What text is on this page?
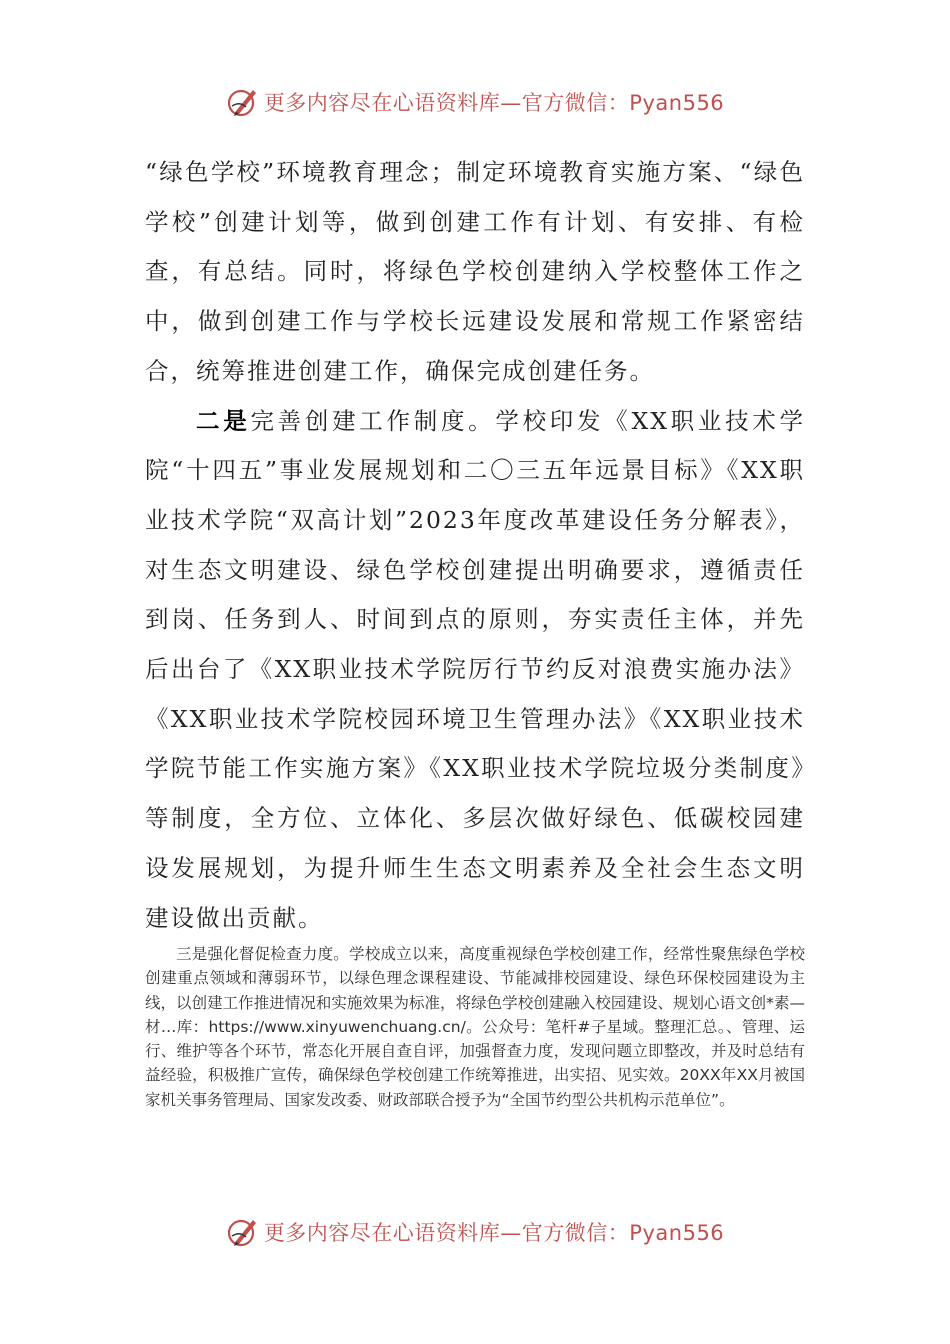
更多内容尽在心语资料库—官方微信：Pyan556

“绿色学校”环境教育理念；制定环境教育实施方案、“绿色学校”创建计划等，做到创建工作有计划、有安排、有检查，有总结。同时，将绿色学校创建纳入学校整体工作之中，做到创建工作与学校长远建设发展和常规工作紧密结合，统筹推进创建工作，确保完成创建任务。

二是完善创建工作制度。学校印发《XX职业技术学院“十四五”事业发展规划和二〇三五年远景目标》《XX职业技术学院“双高计划”2023年度改革建设任务分解表》，对生态文明建设、绿色学校创建提出明确要求，遵循责任到岗、任务到人、时间到点的原则，夯实责任主体，并先后出台了《XX职业技术学院厉行节约反对浪费实施办法》《XX职业技术学院校园环境卫生管理办法》《XX职业技术学院节能工作实施方案》《XX职业技术学院垃圾分类制度》等制度，全方位、立体化、多层次做好绿色、低碳校园建设发展规划，为提升师生生态文明素养及全社会生态文明建设做出贡献。

三是强化督促检查力度。学校成立以来，高度重视绿色学校创建工作，经常性聚焦绿色学校创建重点领域和薄弱环节，以绿色理念课程建设、节能减排校园建设、绿色环保校园建设为主线，以创建工作推进情况和实施效果为标准，将绿色学校创建融入校园建设、规划心语文创*素—材…库：https://www.xinyuwenchuang.cn/。公众号：笔杆#子星域。整理汇总。、管理、运行、维护等各个环节，常态化开展自查自评，加强督查力度，发现问题立即整改，并及时总结有益经验，积极推广宣传，确保绿色学校创建工作统筹推进，出实招、见实效。20XX年XX月被国家机关事务管理局、国家发改委、财政部联合授予为“全国节约型公共机构示范单位”。
更多内容尽在心语资料库—官方微信：Pyan556
